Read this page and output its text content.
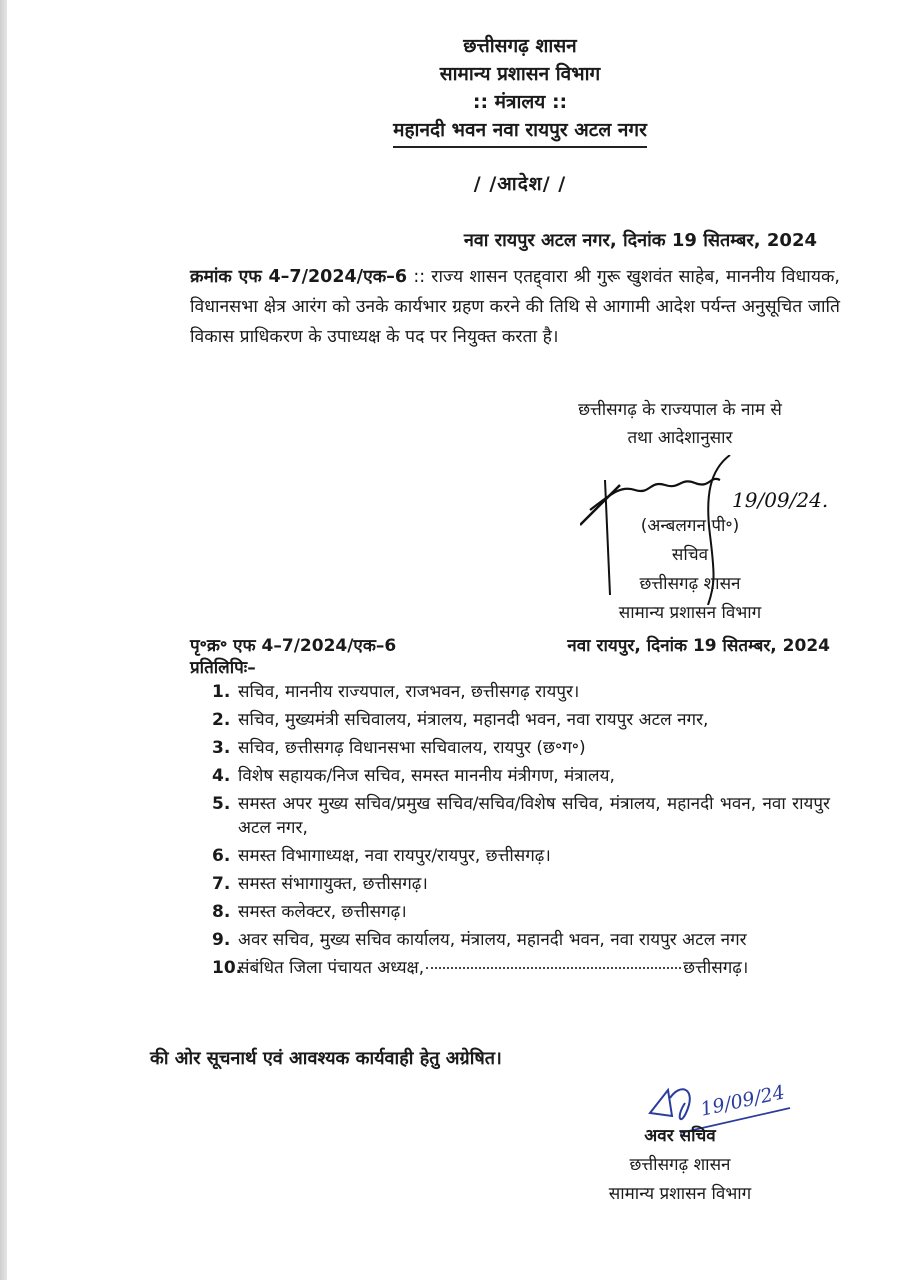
छत्तीसगढ़ शासन
सामान्य प्रशासन विभाग
:: मंत्रालय ::
महानदी भवन नवा रायपुर अटल नगर
/ /आदेश/ /
नवा रायपुर अटल नगर, दिनांक 19 सितम्बर, 2024
क्रमांक एफ 4–7/2024/एक–6 :: राज्य शासन एतद्द्वारा श्री गुरू खुशवंत साहेब, माननीय विधायक, विधानसभा क्षेत्र आरंग को उनके कार्यभार ग्रहण करने की तिथि से आगामी आदेश पर्यन्त अनुसूचित जाति विकास प्राधिकरण के उपाध्यक्ष के पद पर नियुक्त करता है।
छत्तीसगढ़ के राज्यपाल के नाम से
तथा आदेशानुसार
19/09/24.
(अन्बलगन पी॰)
सचिव
छत्तीसगढ़ शासन
सामान्य प्रशासन विभाग
पृ॰क्र॰ एफ 4–7/2024/एक–6	नवा रायपुर, दिनांक 19 सितम्बर, 2024
प्रतिलिपिः–
1. सचिव, माननीय राज्यपाल, राजभवन, छत्तीसगढ़ रायपुर।
2. सचिव, मुख्यमंत्री सचिवालय, मंत्रालय, महानदी भवन, नवा रायपुर अटल नगर,
3. सचिव, छत्तीसगढ़ विधानसभा सचिवालय, रायपुर (छ॰ग॰)
4. विशेष सहायक/निज सचिव, समस्त माननीय मंत्रीगण, मंत्रालय,
5. समस्त अपर मुख्य सचिव/प्रमुख सचिव/सचिव/विशेष सचिव, मंत्रालय, महानदी भवन, नवा रायपुर अटल नगर,
6. समस्त विभागाध्यक्ष, नवा रायपुर/रायपुर, छत्तीसगढ़।
7. समस्त संभागायुक्त, छत्तीसगढ़।
8. समस्त कलेक्टर, छत्तीसगढ़।
9. अवर सचिव, मुख्य सचिव कार्यालय, मंत्रालय, महानदी भवन, नवा रायपुर अटल नगर
10.
संबंधित जिला पंचायत अध्यक्ष,	छत्तीसगढ़।
की ओर सूचनार्थ एवं आवश्यक कार्यवाही हेतु अग्रेषित।
19/09/24
अवर सचिव
छत्तीसगढ़ शासन
सामान्य प्रशासन विभाग
